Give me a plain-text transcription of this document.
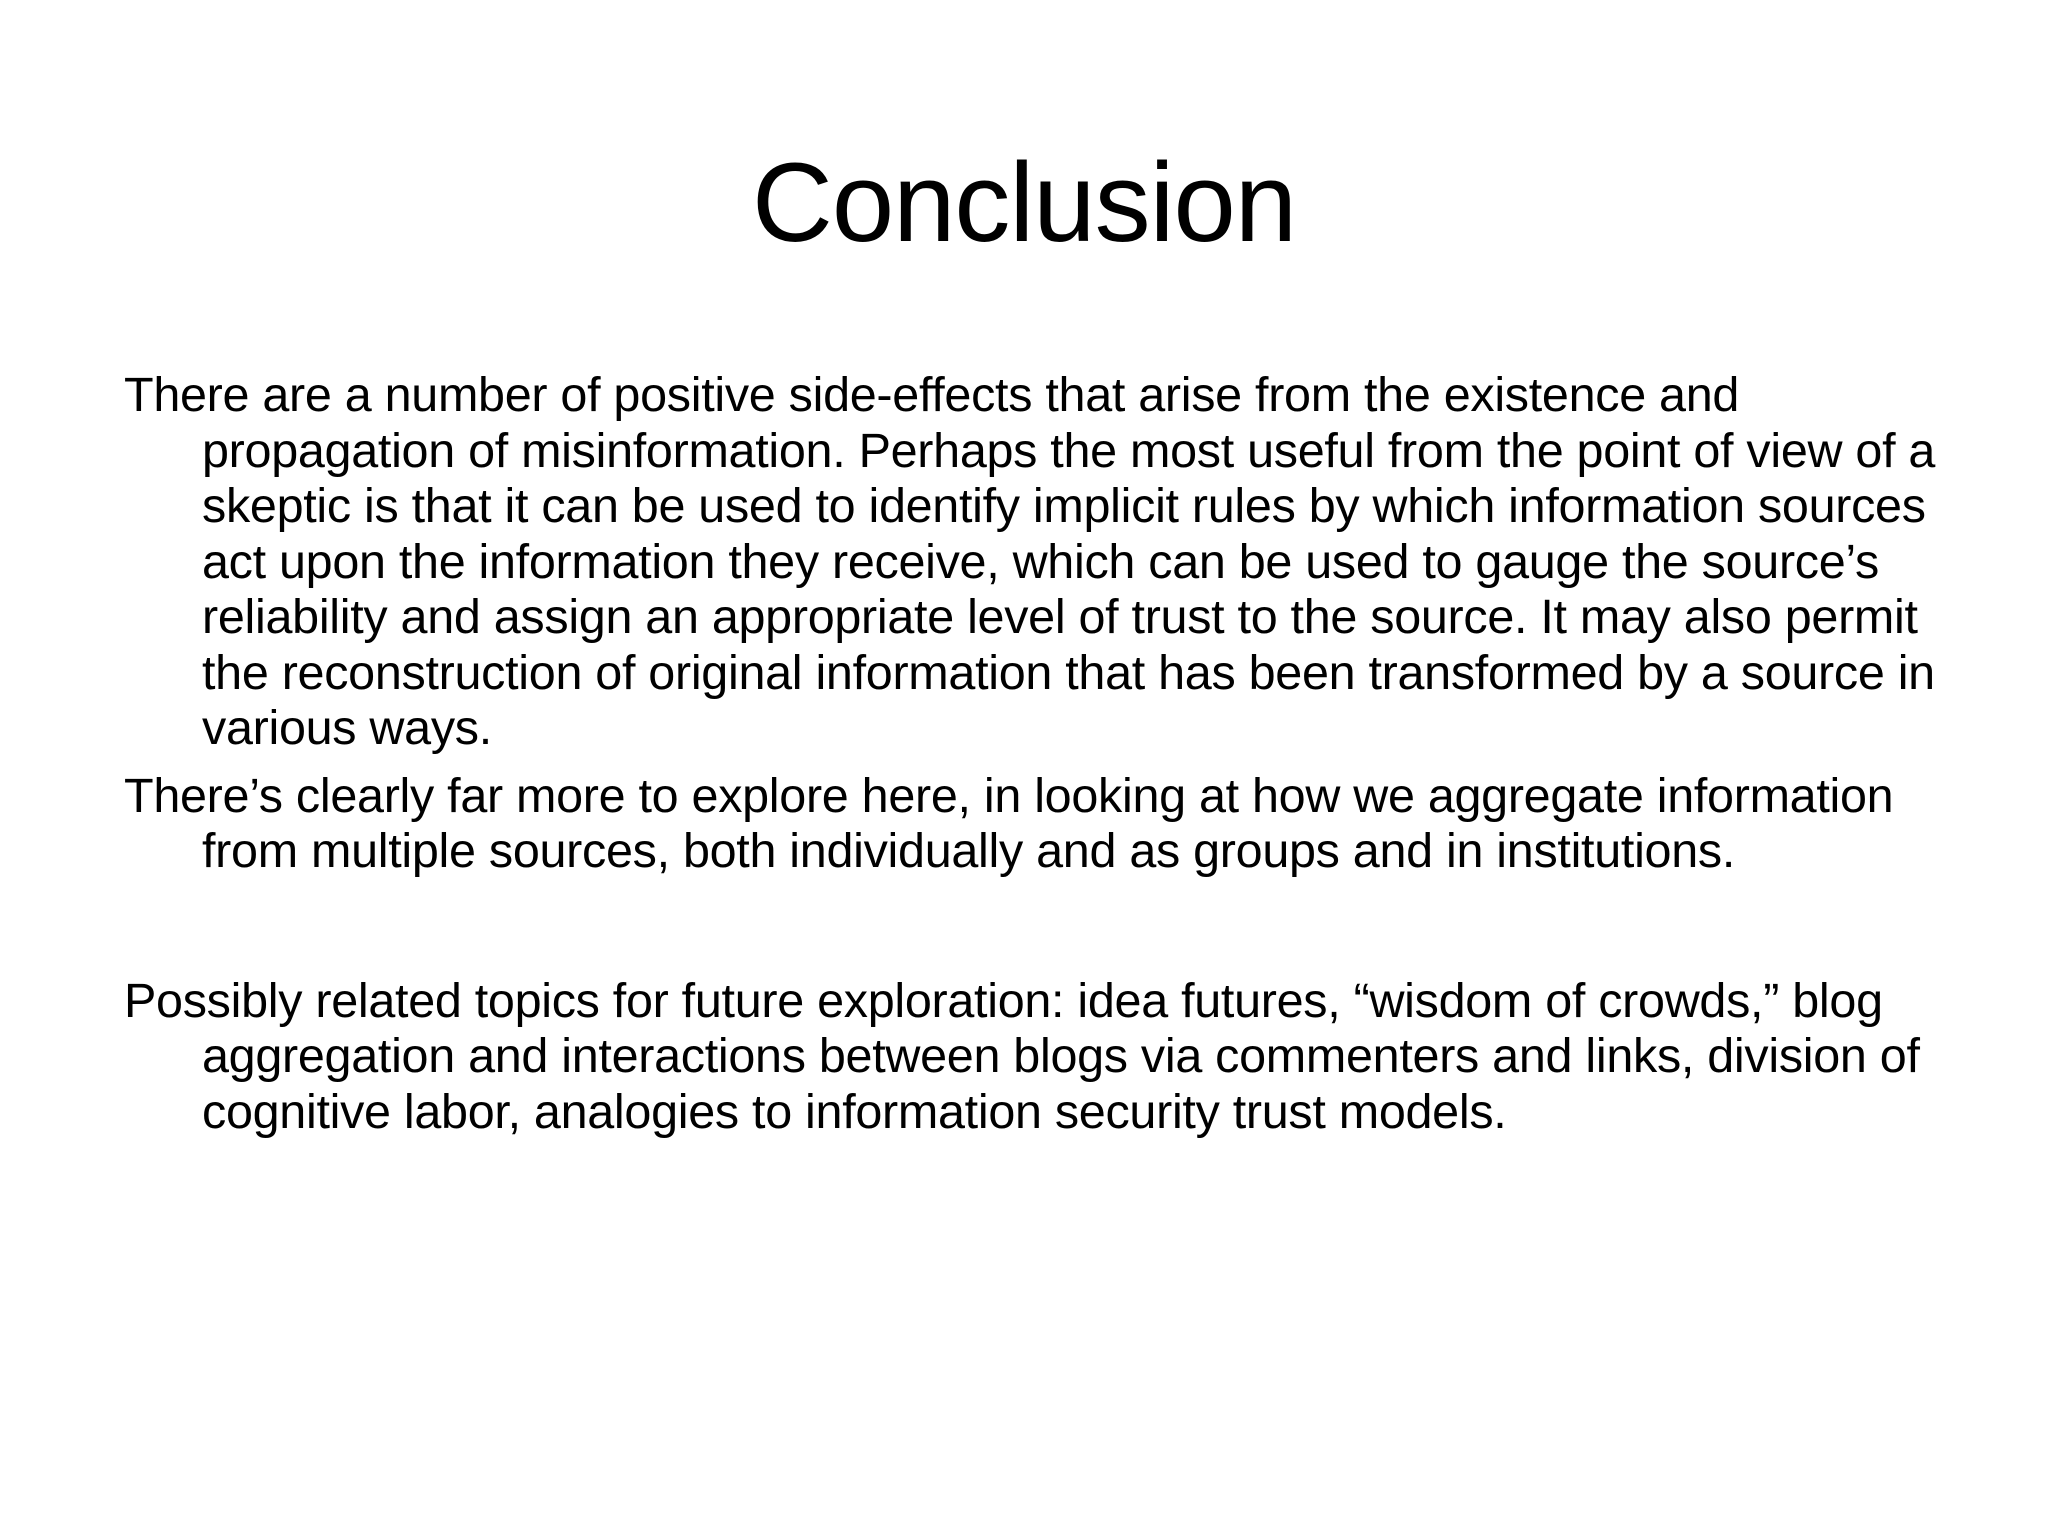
Conclusion

There are a number of positive side-effects that arise from the existence and propagation of misinformation. Perhaps the most useful from the point of view of a skeptic is that it can be used to identify implicit rules by which information sources act upon the information they receive, which can be used to gauge the source’s reliability and assign an appropriate level of trust to the source. It may also permit the reconstruction of original information that has been transformed by a source in various ways.

There’s clearly far more to explore here, in looking at how we aggregate information from multiple sources, both individually and as groups and in institutions.

Possibly related topics for future exploration: idea futures, “wisdom of crowds,” blog aggregation and interactions between blogs via commenters and links, division of cognitive labor, analogies to information security trust models.
